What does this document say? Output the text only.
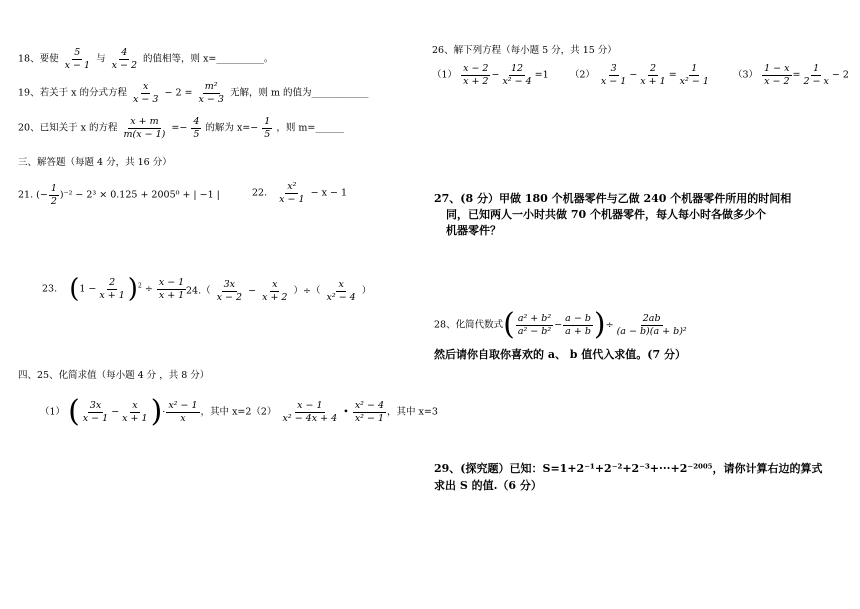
18、要使 $\frac{5}{x - 1}$ 与 $\frac{4}{x - 2}$ 的值相等，则 x=__________。
19、若关于 x 的分式方程 $\frac{x}{x - 3} - 2 = \frac{\text{m²}}{x - 3}$ 无解，则 m 的值为____________
20、已知关于 x 的方程 $\frac{x + m}{m(x - 1)} =- \frac{4}{5}$ 的解为 $x=- \frac{1}{5}$ ，则 m=______
三、解答题（每题 4 分，共 16 分）
21. (− $\frac{1}{2} )^{-2} - 2^3 \times 0.125 + 2005^0$ + | −1 |	22. $\frac{\text{x²}}{x - 1} - x - 1$
23. $(1 - \frac{2}{x + 1} )^2 \div \frac{x - 1}{x + 1} 24.( \frac{3x}{x - 2} - \frac{x}{x + 2}$ ）÷（ $\frac{x}{\text{x² − 4}}$ ）
四、25、化简求值（每小题 4 分 ，共 8 分）
（1） ( $\frac{3x}{x - 1} - \frac{x}{x + 1}$ )· $\frac{\text{x² − 1}}{x}$ ，其中 $x=2(2) \frac{x - 1}{\text{x² − 4x + 4}}$ • $\frac{\text{x² − 4}}{\text{x² − 1}}$ ，其中 x=3
26、解下列方程（每小题 5 分，共 15 分）
$(1) \frac{x - 2}{x + 2} - \frac{12}{\text{x² − 4}} =1$ $(2) \frac{3}{x - 1} - \frac{2}{x + 1} = \frac{1}{\text{x² − 1}} (3) \frac{1 - x}{x - 2} = \frac{1}{2 - x} - 2$
27、(8 分）甲做 180 个机器零件与乙做 240 个机器零件所用的时间相
同，已知两人一小时共做 70 个机器零件，每人每小时各做多少个
机器零件？
28、化简代数式( $\frac{\text{a² + b²}}{\text{a² − b²}} - \frac{a - b}{a + b}$ )÷ $\frac{2ab}{\text{(a − b)(a + b)²}}$
然后请你自取你喜欢的 a、 b 值代入求值。(7 分）
29、(探究题）已知：S=1+2⁻¹+2⁻²+2⁻³+···+2⁻²⁰⁰⁵，请你计算右边的算式
求出 S 的值.（6 分）
